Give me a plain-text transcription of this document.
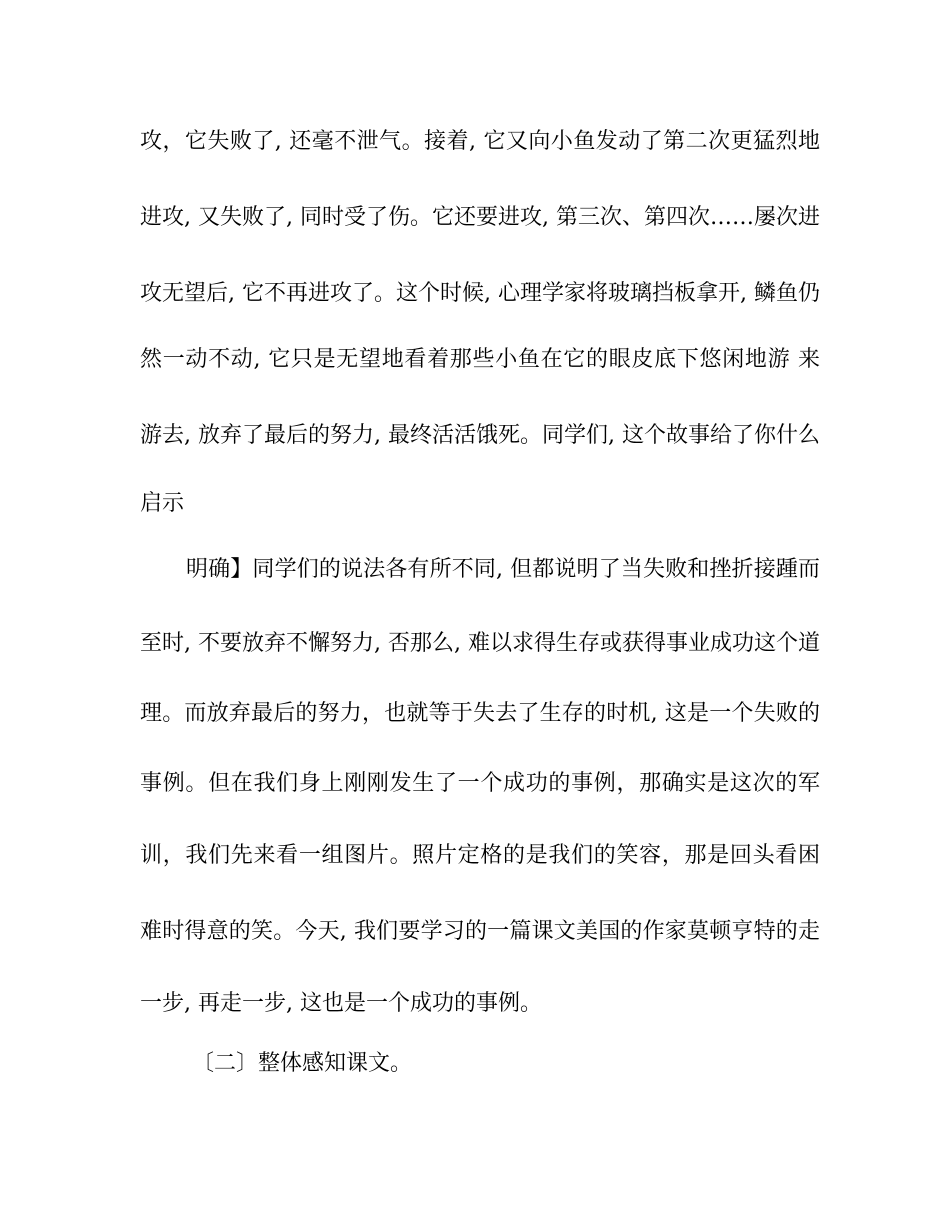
攻，它失败了, 还毫不泄气。接着, 它又向小鱼发动了第二次更猛烈地
进攻, 又失败了, 同时受了伤。它还要进攻, 第三次、第四次……屡次进
攻无望后, 它不再进攻了。这个时候, 心理学家将玻璃挡板拿开, 鳞鱼仍
然一动不动, 它只是无望地看着那些小鱼在它的眼皮底下悠闲地游 来
游去, 放弃了最后的努力, 最终活活饿死。同学们, 这个故事给了你什么
启示
明确】同学们的说法各有所不同, 但都说明了当失败和挫折接踵而
至时, 不要放弃不懈努力, 否那么, 难以求得生存或获得事业成功这个道
理。而放弃最后的努力，也就等于失去了生存的时机, 这是一个失败的
事例。但在我们身上刚刚发生了一个成功的事例，那确实是这次的军
训，我们先来看一组图片。照片定格的是我们的笑容，那是回头看困
难时得意的笑。今天, 我们要学习的一篇课文美国的作家莫顿亨特的走
一步, 再走一步, 这也是一个成功的事例。
〔二〕整体感知课文。
